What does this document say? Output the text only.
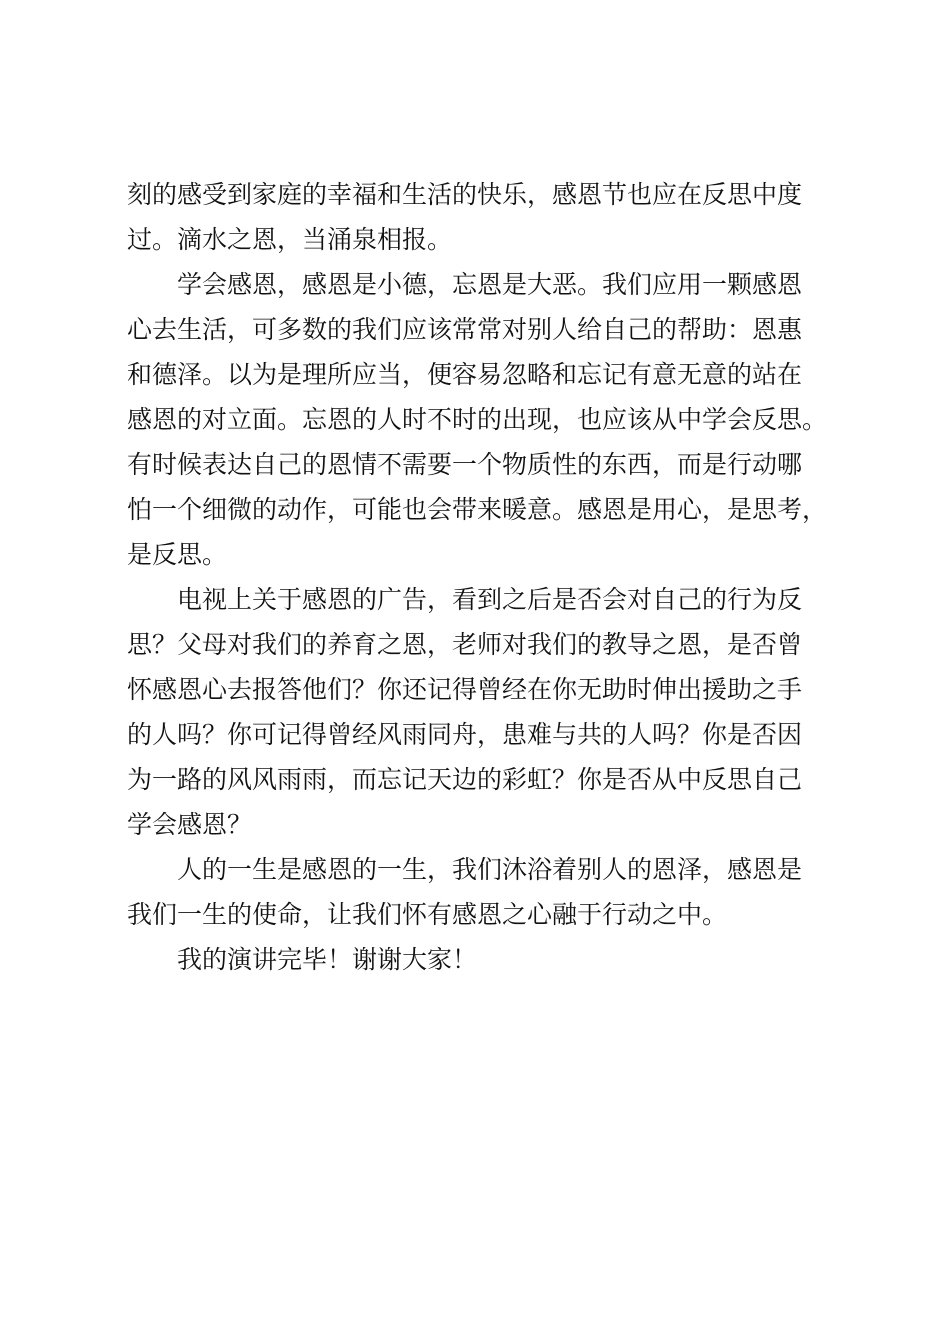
刻的感受到家庭的幸福和生活的快乐，感恩节也应在反思中度
过。滴水之恩，当涌泉相报。
学会感恩，感恩是小德，忘恩是大恶。我们应用一颗感恩
心去生活，可多数的我们应该常常对别人给自己的帮助：恩惠
和德泽。以为是理所应当，便容易忽略和忘记有意无意的站在
感恩的对立面。忘恩的人时不时的出现，也应该从中学会反思。
有时候表达自己的恩情不需要一个物质性的东西，而是行动哪
怕一个细微的动作，可能也会带来暖意。感恩是用心，是思考，
是反思。
电视上关于感恩的广告，看到之后是否会对自己的行为反
思？父母对我们的养育之恩，老师对我们的教导之恩，是否曾
怀感恩心去报答他们？你还记得曾经在你无助时伸出援助之手
的人吗？你可记得曾经风雨同舟，患难与共的人吗？你是否因
为一路的风风雨雨，而忘记天边的彩虹？你是否从中反思自己
学会感恩？
人的一生是感恩的一生，我们沐浴着别人的恩泽，感恩是
我们一生的使命，让我们怀有感恩之心融于行动之中。
我的演讲完毕！谢谢大家！
